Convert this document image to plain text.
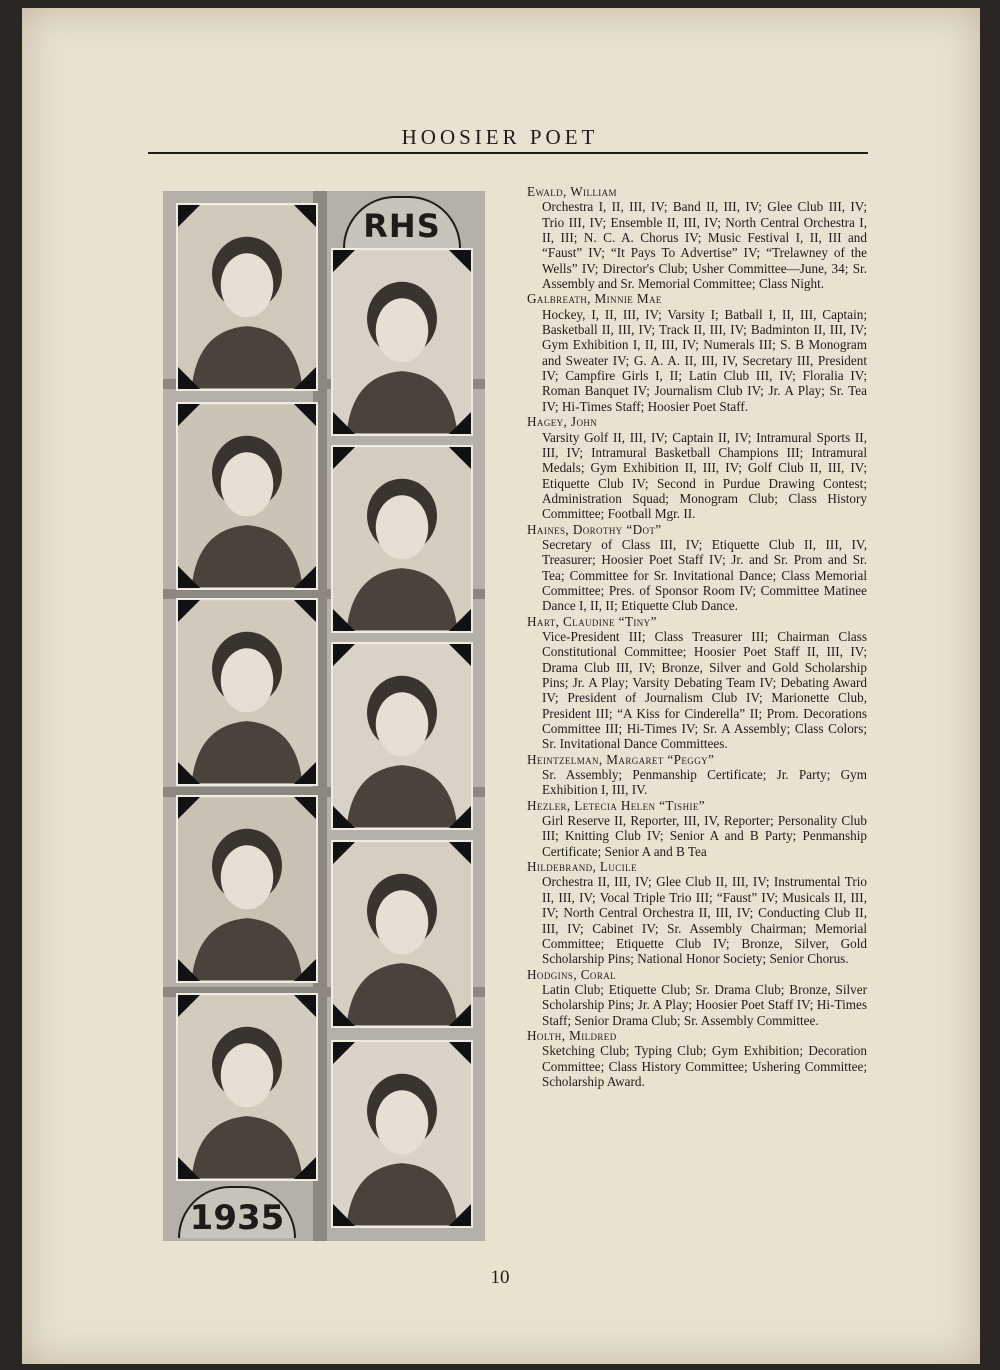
HOOSIER POET
RHS
1935
Ewald, William
Orchestra I, II, III, IV; Band II, III, IV; Glee Club III, IV; Trio III, IV; Ensemble II, III, IV; North Central Orchestra I, II, III; N. C. A. Chorus IV; Music Festival I, II, III and “Faust” IV; “It Pays To Advertise” IV; “Trelawney of the Wells” IV; Director's Club; Usher Committee—June, 34; Sr. Assembly and Sr. Memorial Committee; Class Night.
Galbreath, Minnie Mae
Hockey, I, II, III, IV; Varsity I; Batball I, II, III, Captain; Basketball II, III, IV; Track II, III, IV; Badminton II, III, IV; Gym Exhibition I, II, III, IV; Numerals III; S. B Monogram and Sweater IV; G. A. A. II, III, IV, Secretary III, President IV; Campfire Girls I, II; Latin Club III, IV; Floralia IV; Roman Banquet IV; Journalism Club IV; Jr. A Play; Sr. Tea IV; Hi-Times Staff; Hoosier Poet Staff.
Hagey, John
Varsity Golf II, III, IV; Captain II, IV; Intramural Sports II, III, IV; Intramural Basketball Champions III; Intramural Medals; Gym Exhibition II, III, IV; Golf Club II, III, IV; Etiquette Club IV; Second in Purdue Drawing Contest; Administration Squad; Monogram Club; Class History Committee; Football Mgr. II.
Haines, Dorothy “Dot”
Secretary of Class III, IV; Etiquette Club II, III, IV, Treasurer; Hoosier Poet Staff IV; Jr. and Sr. Prom and Sr. Tea; Committee for Sr. Invitational Dance; Class Memorial Committee; Pres. of Sponsor Room IV; Committee Matinee Dance I, II, II; Etiquette Club Dance.
Hart, Claudine “Tiny”
Vice-President III; Class Treasurer III; Chairman Class Constitutional Committee; Hoosier Poet Staff II, III, IV; Drama Club III, IV; Bronze, Silver and Gold Scholarship Pins; Jr. A Play; Varsity Debating Team IV; Debating Award IV; President of Journalism Club IV; Marionette Club, President III; “A Kiss for Cinderella” II; Prom. Decorations Committee III; Hi-Times IV; Sr. A Assembly; Class Colors; Sr. Invitational Dance Committees.
Heintzelman, Margaret “Peggy”
Sr. Assembly; Penmanship Certificate; Jr. Party; Gym Exhibition I, III, IV.
Hezler, Letecia Helen “Tishie”
Girl Reserve II, Reporter, III, IV, Reporter; Personality Club III; Knitting Club IV; Senior A and B Party; Penmanship Certificate; Senior A and B Tea
Hildebrand, Lucile
Orchestra II, III, IV; Glee Club II, III, IV; Instrumental Trio II, III, IV; Vocal Triple Trio III; “Faust” IV; Musicals II, III, IV; North Central Orchestra II, III, IV; Conducting Club II, III, IV; Cabinet IV; Sr. Assembly Chairman; Memorial Committee; Etiquette Club IV; Bronze, Silver, Gold Scholarship Pins; National Honor Society; Senior Chorus.
Hodgins, Coral
Latin Club; Etiquette Club; Sr. Drama Club; Bronze, Silver Scholarship Pins; Jr. A Play; Hoosier Poet Staff IV; Hi-Times Staff; Senior Drama Club; Sr. Assembly Committee.
Holth, Mildred
Sketching Club; Typing Club; Gym Exhibition; Decoration Committee; Class History Committee; Ushering Committee; Scholarship Award.
10
